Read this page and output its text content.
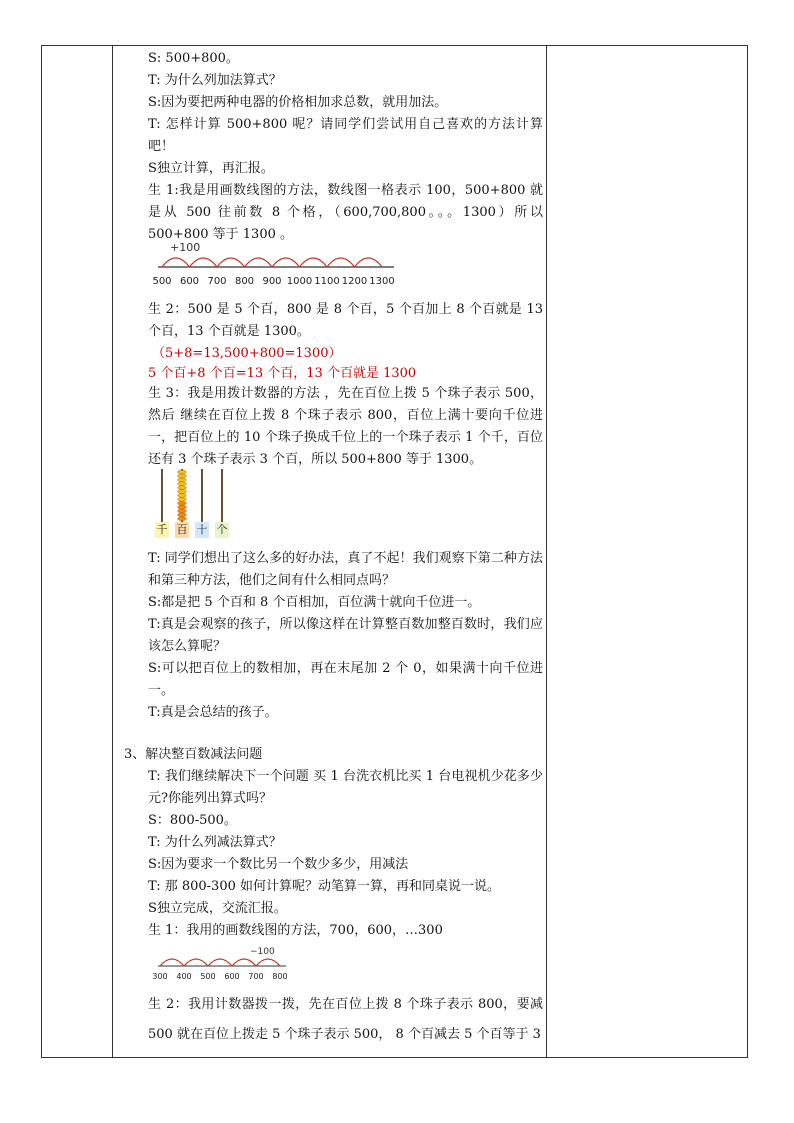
S: 500+800。
T: 为什么列加法算式？
S:因为要把两种电器的价格相加求总数，就用加法。
T: 怎样计算 500+800 呢？请同学们尝试用自己喜欢的方法计算吧！
S独立计算，再汇报。
生 1:我是用画数线图的方法，数线图一格表示 100，500+800 就是从 500 往前数 8 个格，（600,700,800。。。1300）所以 500+800 等于 1300 。
+100
500 600 700 800 900 1000 1100 1200 1300
生 2：500 是 5 个百，800 是 8 个百，5 个百加上 8 个百就是 13 个百，13 个百就是 1300。
（5+8=13,500+800=1300）
5 个百+8 个百=13 个百，13 个百就是 1300
生 3：我是用拨计数器的方法 ，先在百位上拨 5 个珠子表示 500，然后 继续在百位上拨 8 个珠子表示 800，百位上满十要向千位进一，把百位上的 10 个珠子换成千位上的一个珠子表示 1 个千，百位还有 3 个珠子表示 3 个百，所以 500+800 等于 1300。
千 百 十 个
T: 同学们想出了这么多的好办法，真了不起！我们观察下第二种方法和第三种方法，他们之间有什么相同点吗？
S:都是把 5 个百和 8 个百相加，百位满十就向千位进一。
T:真是会观察的孩子，所以像这样在计算整百数加整百数时，我们应该怎么算呢？
S:可以把百位上的数相加，再在末尾加 2 个 0，如果满十向千位进一。
T:真是会总结的孩子。
3、解决整百数减法问题
T: 我们继续解决下一个问题 买 1 台洗衣机比买 1 台电视机少花多少元?你能列出算式吗？
S：800-500。
T: 为什么列减法算式？
S:因为要求一个数比另一个数少多少，用减法
T: 那 800-300 如何计算呢？动笔算一算，再和同桌说一说。
S独立完成，交流汇报。
生 1：我用的画数线图的方法，700，600，…300
−100
300 400 500 600 700 800
生 2：我用计数器拨一拨，先在百位上拨 8 个珠子表示 800，要减 500 就在百位上拨走 5 个珠子表示 500， 8 个百减去 5 个百等于 3
